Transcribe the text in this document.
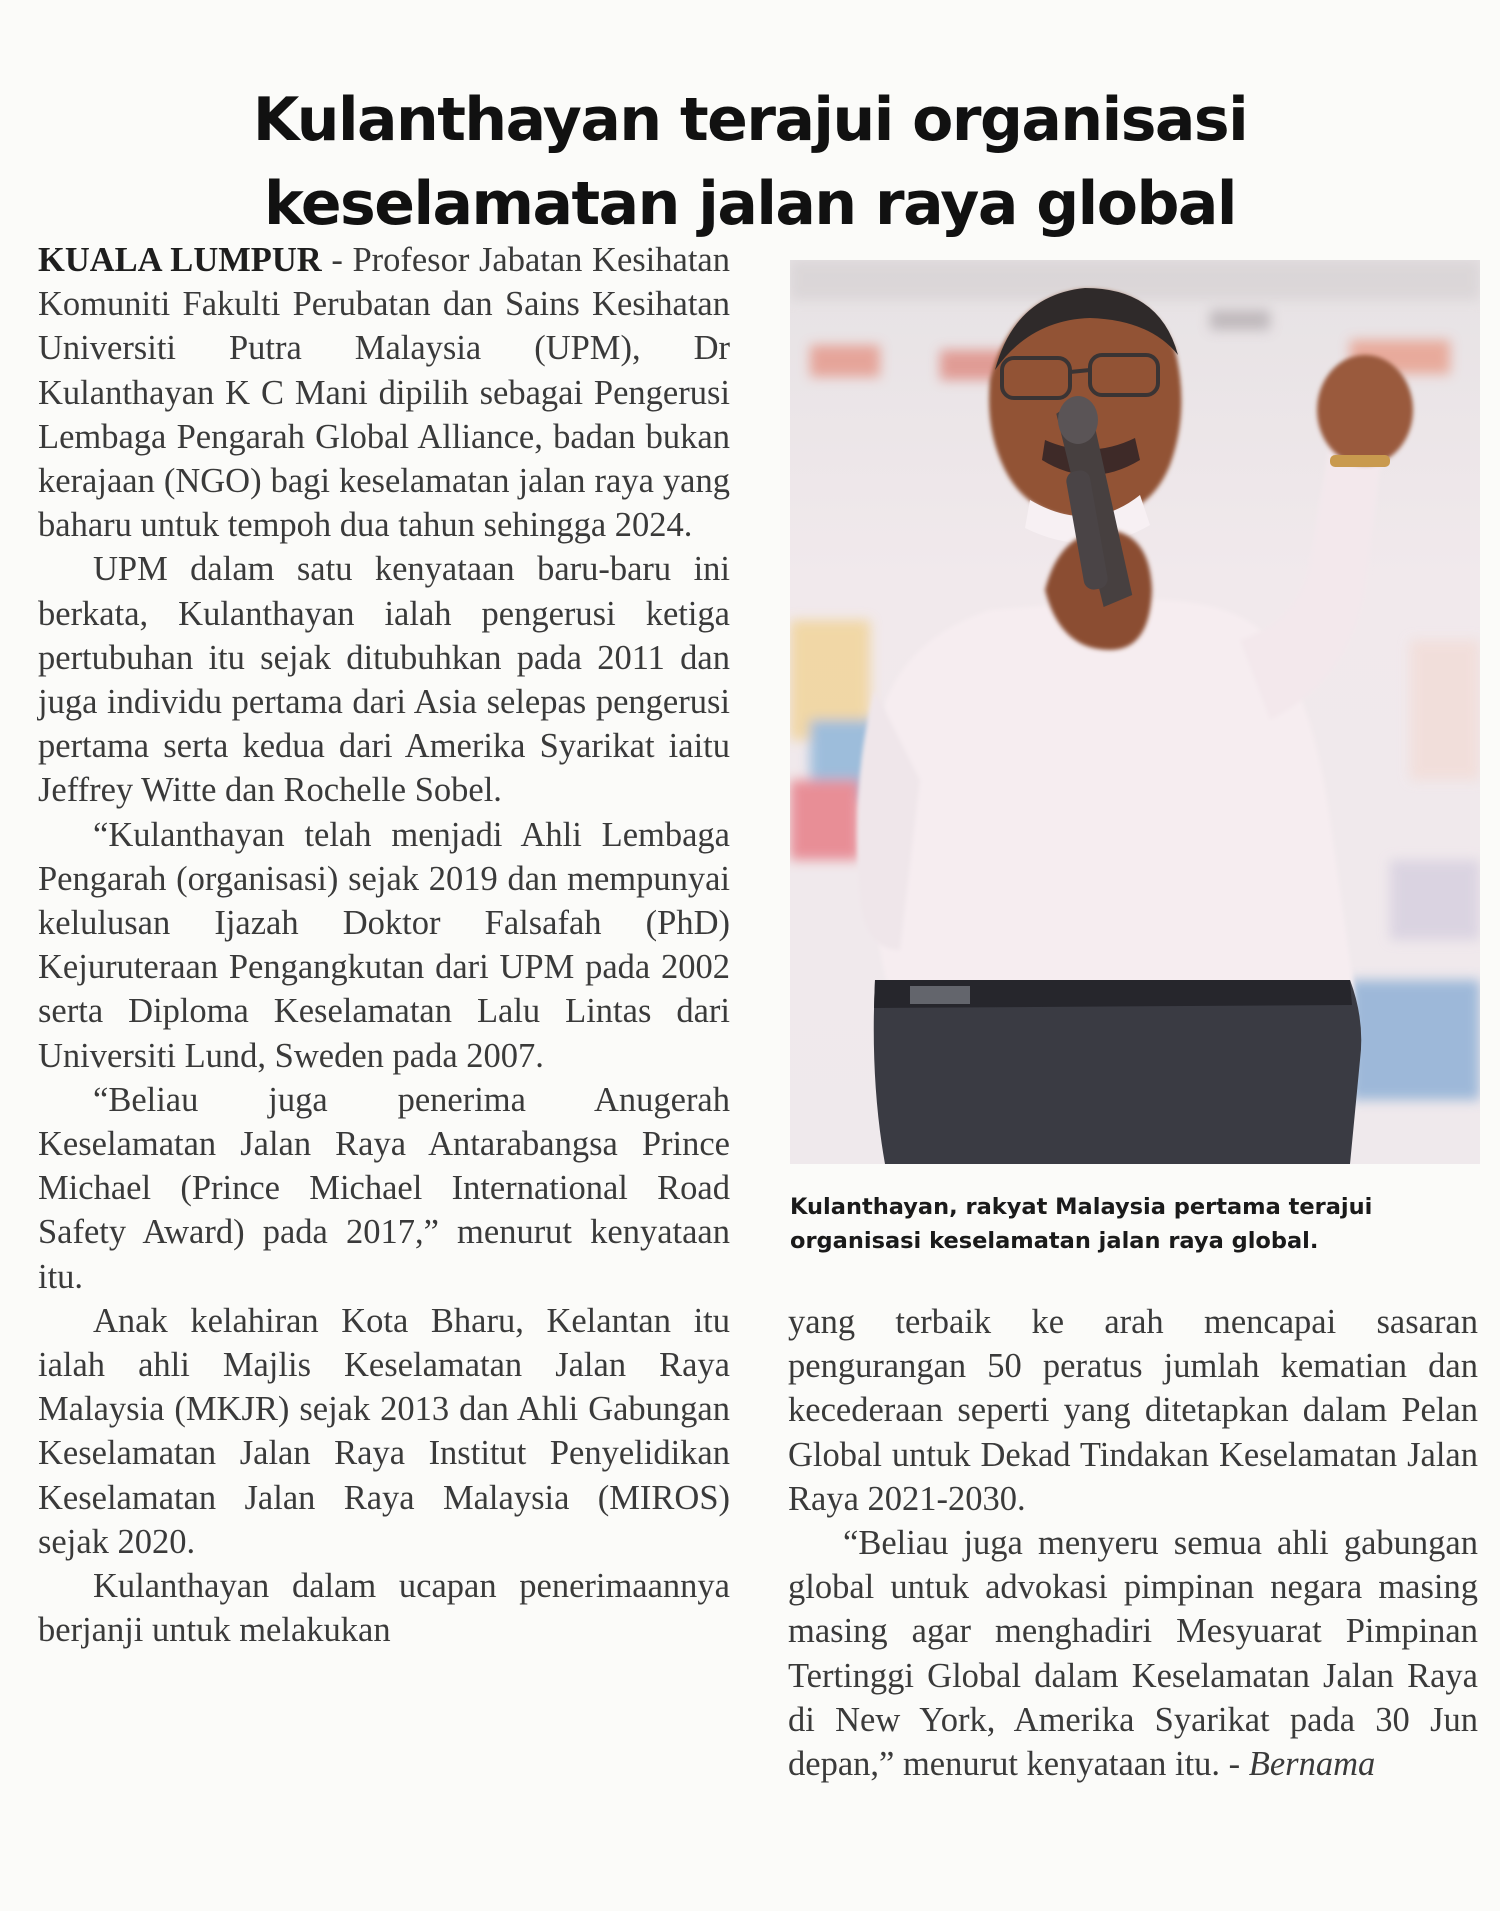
Kulanthayan terajui organisasi
keselamatan jalan raya global

KUALA LUMPUR - Profesor Jabatan Kesihatan Komuniti Fakulti Perubatan dan Sains Kesihatan Universiti Putra Malaysia (UPM), Dr Kulanthayan K C Mani dipilih sebagai Pengerusi Lembaga Pengarah Global Alliance, badan bukan kerajaan (NGO) bagi keselamatan jalan raya yang baharu untuk tempoh dua tahun sehingga 2024.

UPM dalam satu kenyataan baru-baru ini berkata, Kulanthayan ialah pengerusi ketiga pertubuhan itu sejak ditubuhkan pada 2011 dan juga individu pertama dari Asia selepas pengerusi pertama serta kedua dari Amerika Syarikat iaitu Jeffrey Witte dan Rochelle Sobel.

“Kulanthayan telah menjadi Ahli Lembaga Pengarah (organisasi) sejak 2019 dan mempunyai kelulusan Ijazah Doktor Falsafah (PhD) Kejuruteraan Pengangkutan dari UPM pada 2002 serta Diploma Keselamatan Lalu Lintas dari Universiti Lund, Sweden pada 2007.

“Beliau juga penerima Anugerah Keselamatan Jalan Raya Antarabangsa Prince Michael (Prince Michael International Road Safety Award) pada 2017,” menurut kenyataan itu.

Anak kelahiran Kota Bharu, Kelantan itu ialah ahli Majlis Keselamatan Jalan Raya Malaysia (MKJR) sejak 2013 dan Ahli Gabungan Keselamatan Jalan Raya Institut Penyelidikan Keselamatan Jalan Raya Malaysia (MIROS) sejak 2020.

Kulanthayan dalam ucapan penerimaannya berjanji untuk melakukan

Kulanthayan, rakyat Malaysia pertama terajui organisasi keselamatan jalan raya global.

yang terbaik ke arah mencapai sasaran pengurangan 50 peratus jumlah kematian dan kecederaan seperti yang ditetapkan dalam Pelan Global untuk Dekad Tindakan Keselamatan Jalan Raya 2021-2030.

“Beliau juga menyeru semua ahli gabungan global untuk advokasi pimpinan negara masing masing agar menghadiri Mesyuarat Pimpinan Tertinggi Global dalam Keselamatan Jalan Raya di New York, Amerika Syarikat pada 30 Jun depan,” menurut kenyataan itu. - Bernama
